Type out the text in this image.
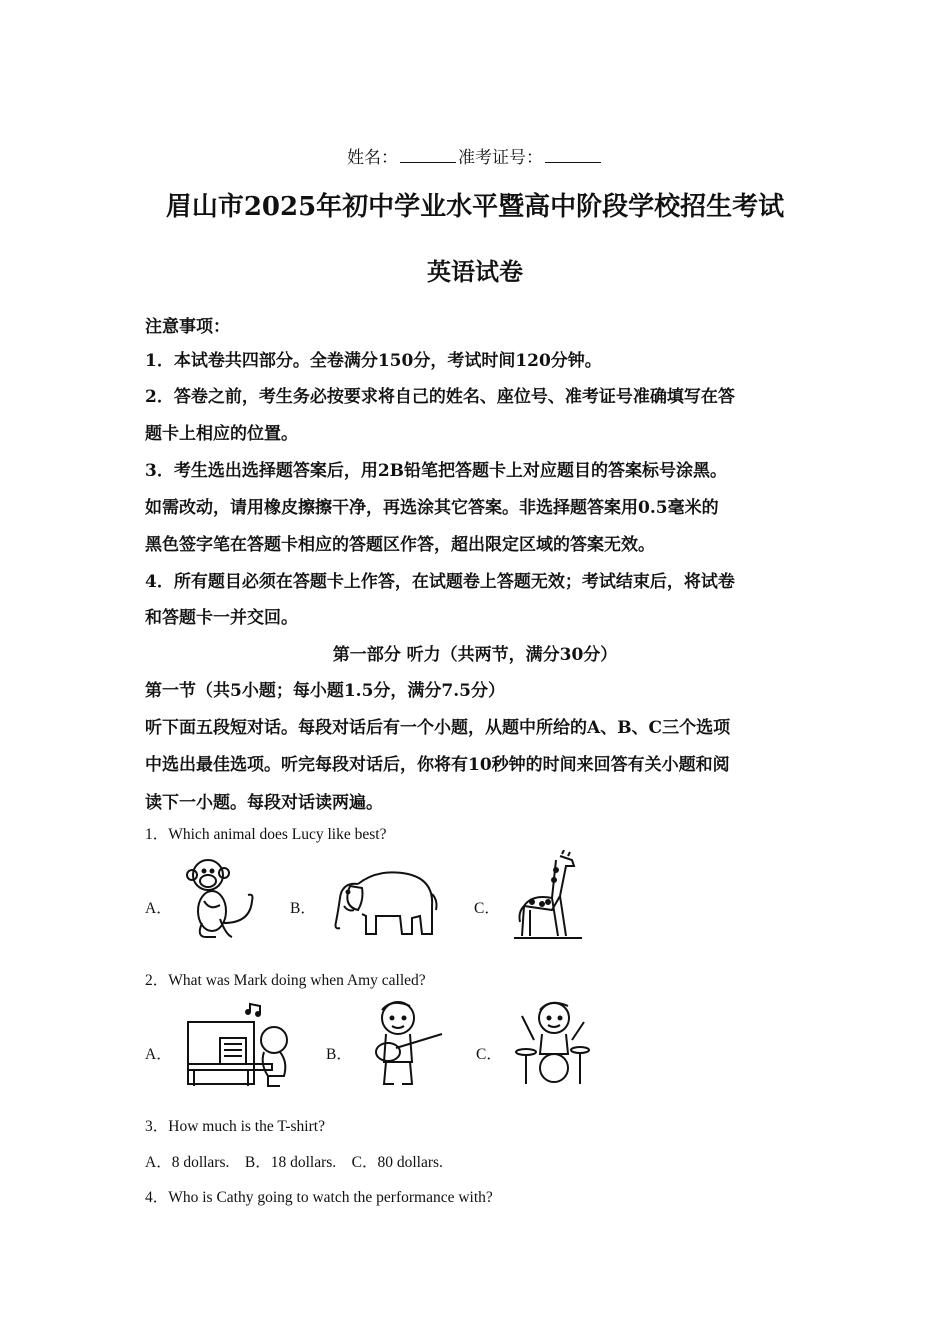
姓名：	准考证号：
眉山市2025年初中学业水平暨高中阶段学校招生考试
英语试卷
注意事项：
1．本试卷共四部分。全卷满分150分，考试时间120分钟。
2．答卷之前，考生务必按要求将自己的姓名、座位号、准考证号准确填写在答
题卡上相应的位置。
3．考生选出选择题答案后，用2B铅笔把答题卡上对应题目的答案标号涂黑。
如需改动，请用橡皮擦擦干净，再选涂其它答案。非选择题答案用0.5毫米的
黑色签字笔在答题卡相应的答题区作答，超出限定区域的答案无效。
4．所有题目必须在答题卡上作答，在试题卷上答题无效；考试结束后，将试卷
和答题卡一并交回。
第一部分 听力（共两节，满分30分）
第一节（共5小题；每小题1.5分，满分7.5分）
听下面五段短对话。每段对话后有一个小题，从题中所给的A、B、C三个选项
中选出最佳选项。听完每段对话后，你将有10秒钟的时间来回答有关小题和阅
读下一小题。每段对话读两遍。
1．Which animal does Lucy like best?
A．	B．	C．
2．What was Mark doing when Amy called?
A．	B．	C．
3．How much is the T-shirt?
A．8 dollars.    B．18 dollars.    C．80 dollars.
4．Who is Cathy going to watch the performance with?
